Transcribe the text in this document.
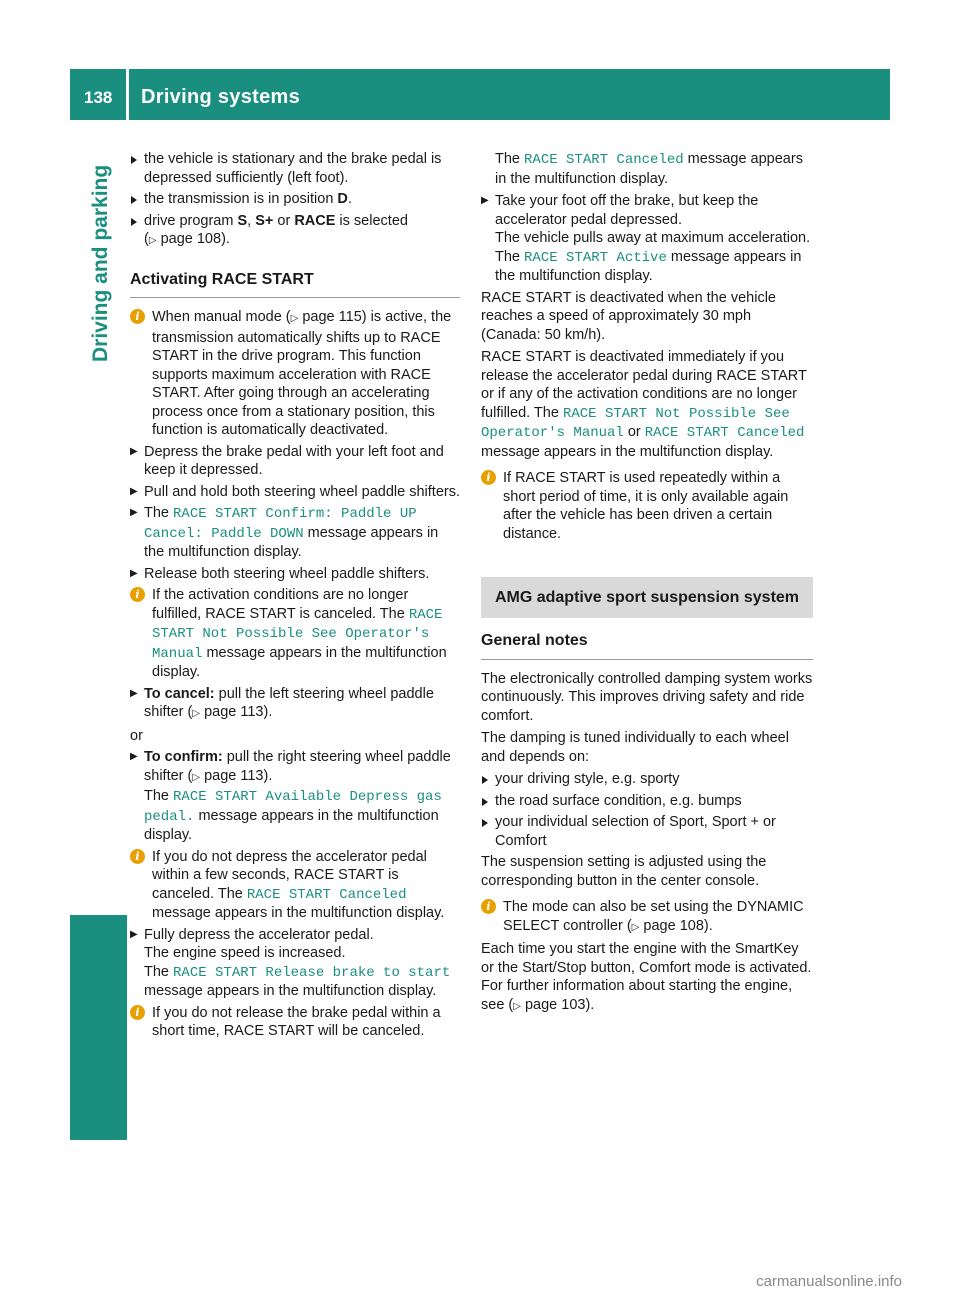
138 Driving systems
Driving and parking

the vehicle is stationary and the brake pedal is depressed sufficiently (left foot).

the transmission is in position D.

drive program S, S+ or RACE is selected
(▷ page 108).

Activating RACE START

i When manual mode (▷ page 115) is active, the transmission automatically shifts up to RACE START in the drive program. This function supports maximum acceleration with RACE START. After going through an accelerating process once from a stationary position, this function is automatically deactivated.

▶ Depress the brake pedal with your left foot and keep it depressed.

▶ Pull and hold both steering wheel paddle shifters.

▶ The RACE START Confirm: Paddle UP Cancel: Paddle DOWN message appears in the multifunction display.

▶ Release both steering wheel paddle shifters.

i If the activation conditions are no longer fulfilled, RACE START is canceled. The RACE START Not Possible See Operator's Manual message appears in the multifunction display.

▶ To cancel: pull the left steering wheel paddle shifter (▷ page 113).

or

▶ To confirm: pull the right steering wheel paddle shifter (▷ page 113).
The RACE START Available Depress gas pedal. message appears in the multifunction display.

i If you do not depress the accelerator pedal within a few seconds, RACE START is canceled. The RACE START Canceled message appears in the multifunction display.

▶ Fully depress the accelerator pedal.
The engine speed is increased.
The RACE START Release brake to start message appears in the multifunction display.

i If you do not release the brake pedal within a short time, RACE START will be canceled.

The RACE START Canceled message appears in the multifunction display.

▶ Take your foot off the brake, but keep the accelerator pedal depressed.
The vehicle pulls away at maximum acceleration.
The RACE START Active message appears in the multifunction display.

RACE START is deactivated when the vehicle reaches a speed of approximately 30 mph (Canada: 50 km/h).

RACE START is deactivated immediately if you release the accelerator pedal during RACE START or if any of the activation conditions are no longer fulfilled. The RACE START Not Possible See Operator's Manual or RACE START Canceled message appears in the multifunction display.

i If RACE START is used repeatedly within a short period of time, it is only available again after the vehicle has been driven a certain distance.

AMG adaptive sport suspension system
General notes

The electronically controlled damping system works continuously. This improves driving safety and ride comfort.

The damping is tuned individually to each wheel and depends on:

your driving style, e.g. sporty

the road surface condition, e.g. bumps

your individual selection of Sport, Sport + or Comfort

The suspension setting is adjusted using the corresponding button in the center console.

i The mode can also be set using the DYNAMIC SELECT controller (▷ page 108).

Each time you start the engine with the SmartKey or the Start/Stop button, Comfort mode is activated. For further information about starting the engine, see (▷ page 103).

carmanualsonline.info
